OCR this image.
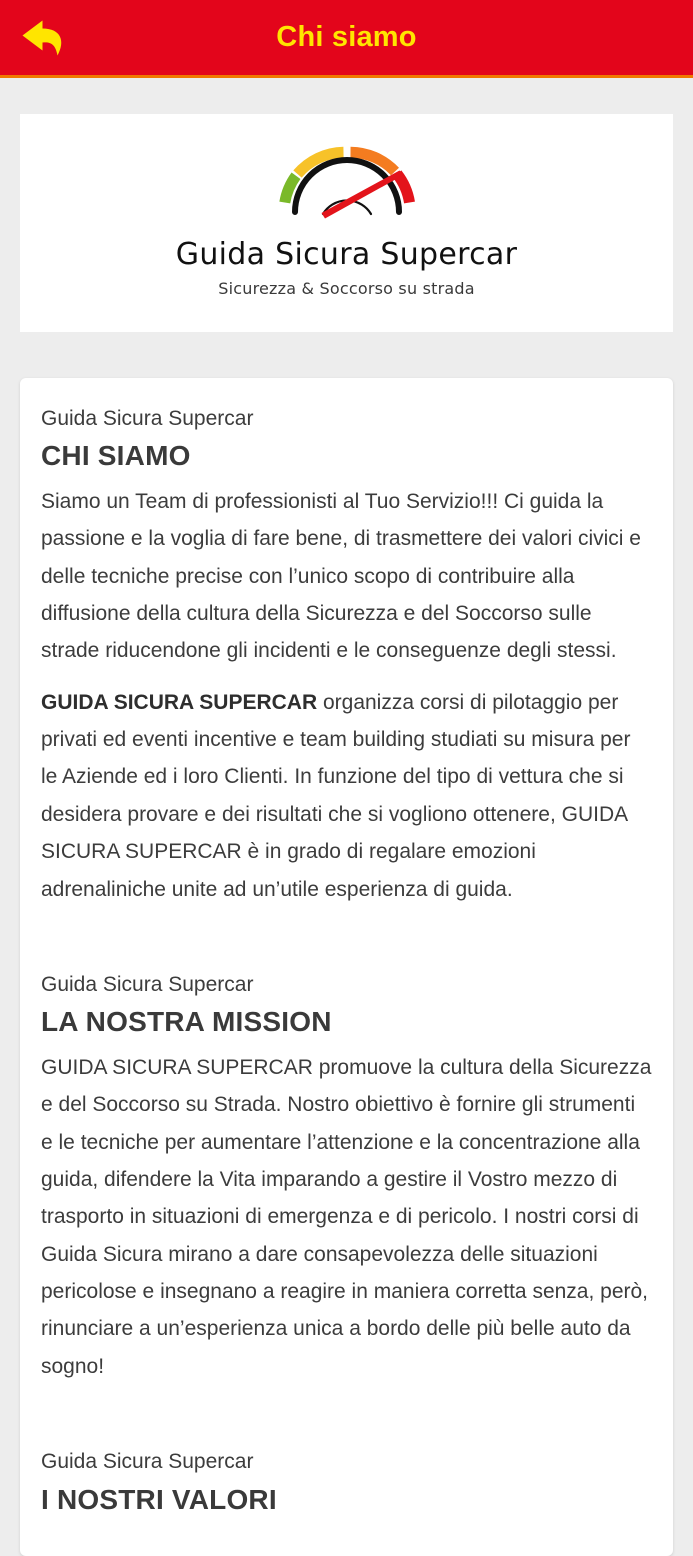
Chi siamo
Guida Sicura Supercar
Sicurezza & Soccorso su strada
Guida Sicura Supercar
CHI SIAMO

Siamo un Team di professionisti al Tuo Servizio!!! Ci guida la passione e la voglia di fare bene, di trasmettere dei valori civici e delle tecniche precise con l’unico scopo di contribuire alla diffusione della cultura della Sicurezza e del Soccorso sulle strade riducendone gli incidenti e le conseguenze degli stessi.

GUIDA SICURA SUPERCAR organizza corsi di pilotaggio per privati ed eventi incentive e team building studiati su misura per le Aziende ed i loro Clienti. In funzione del tipo di vettura che si desidera provare e dei risultati che si vogliono ottenere, GUIDA SICURA SUPERCAR è in grado di regalare emozioni adrenaliniche unite ad un’utile esperienza di guida.

Guida Sicura Supercar
LA NOSTRA MISSION

GUIDA SICURA SUPERCAR promuove la cultura della Sicurezza e del Soccorso su Strada. Nostro obiettivo è fornire gli strumenti e le tecniche per aumentare l’attenzione e la concentrazione alla guida, difendere la Vita imparando a gestire il Vostro mezzo di trasporto in situazioni di emergenza e di pericolo. I nostri corsi di Guida Sicura mirano a dare consapevolezza delle situazioni pericolose e insegnano a reagire in maniera corretta senza, però, rinunciare a un’esperienza unica a bordo delle più belle auto da sogno!

Guida Sicura Supercar
I NOSTRI VALORI
